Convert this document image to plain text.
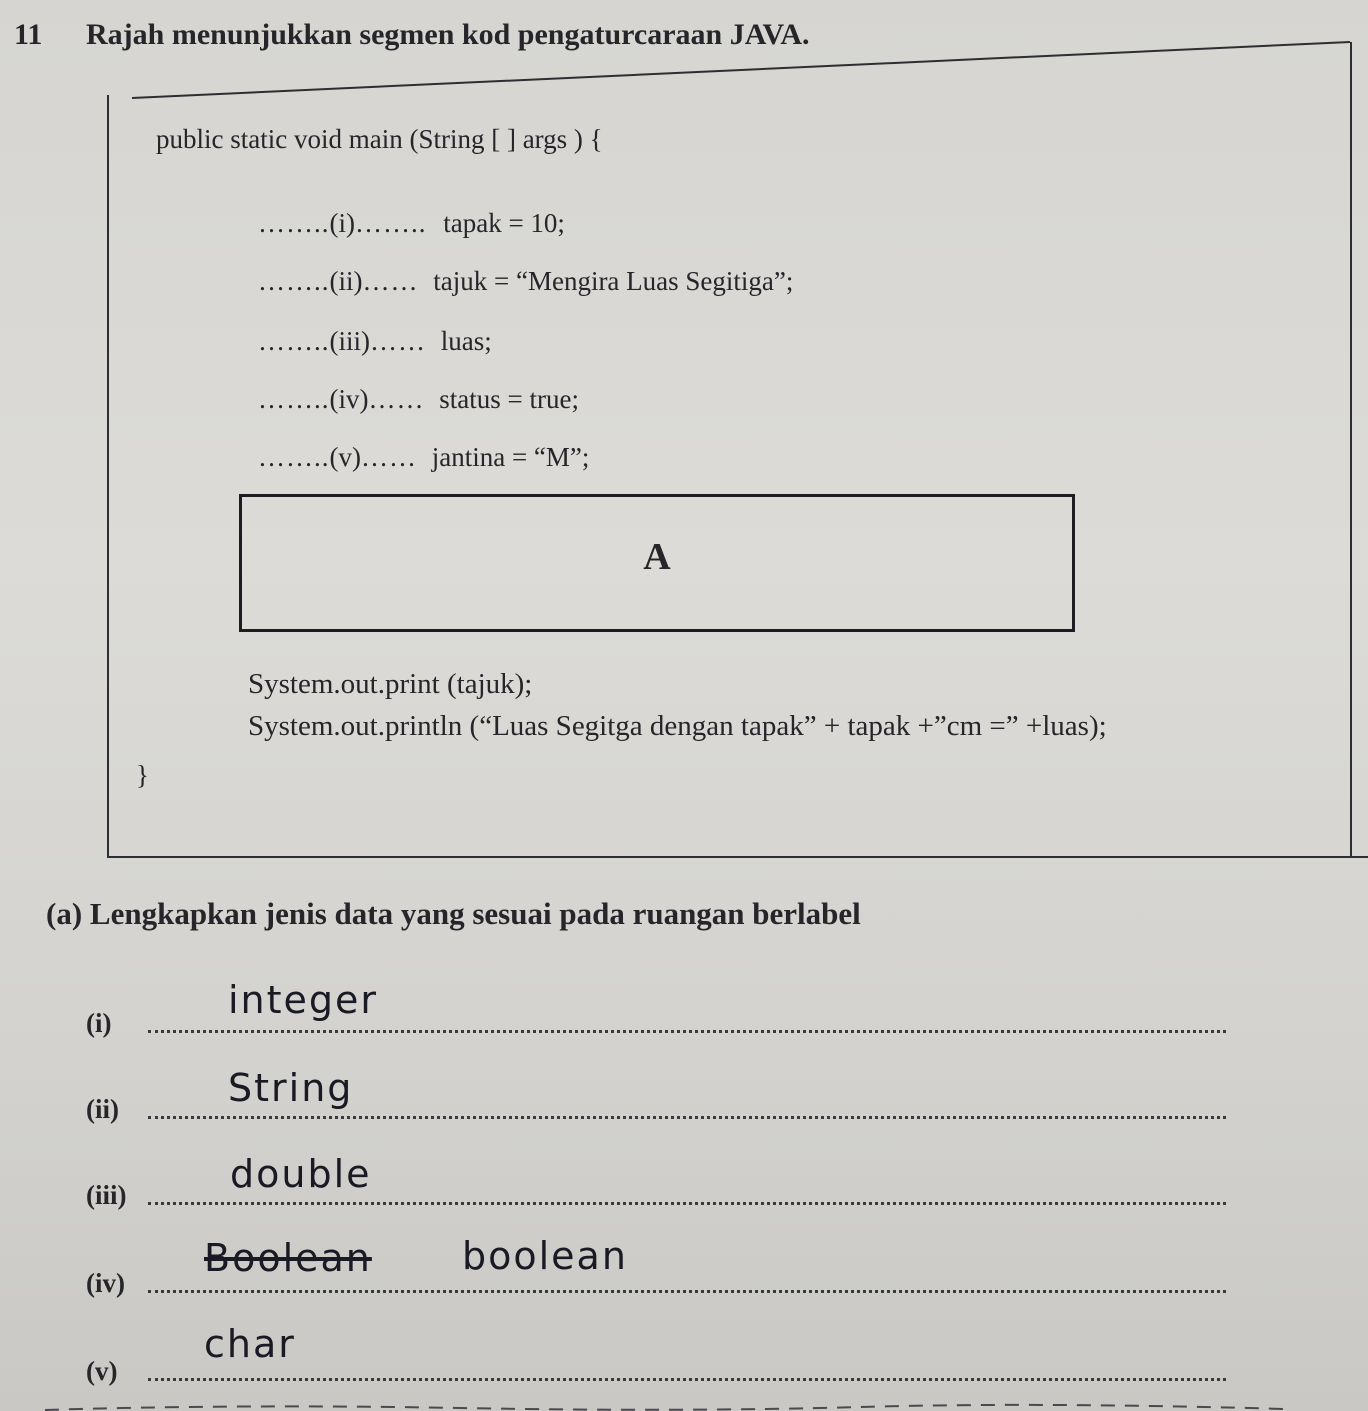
11 Rajah menunjukkan segmen kod pengaturcaraan JAVA.
public static void main (String [ ] args ) {
……..(i)…….. tapak = 10;
……..(ii)…… tajuk = “Mengira Luas Segitiga”;
……..(iii)…… luas;
……..(iv)…… status = true;
……..(v)…… jantina = “M”;
A
System.out.print (tajuk);
System.out.println (“Luas Segitga dengan tapak” + tapak +”cm =” +luas);
}
(a) Lengkapkan jenis data yang sesuai pada ruangan berlabel
(i)
integer
(ii)	String
(iii)	double
(iv)
Boolean boolean
(v)
char
